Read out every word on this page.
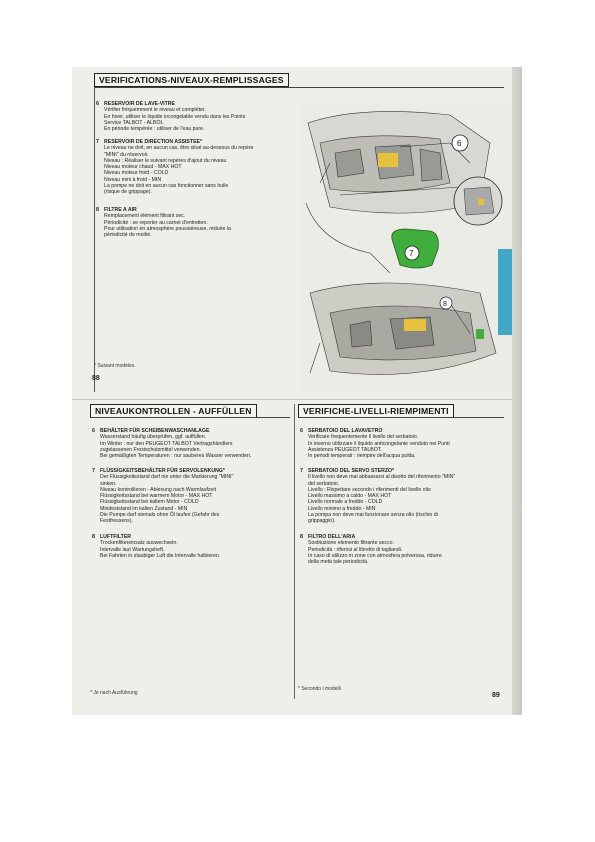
VERIFICATIONS-NIVEAUX-REMPLISSAGES
6 RESERVOIR DE LAVE-VITRE
Vérifier fréquemment le niveau et compléter.
En hiver, utiliser le liquide incongelable vendu dans les Points
Service TALBOT - ALBOL
En période tempérée : utiliser de l'eau pure.
7 RESERVOIR DE DIRECTION ASSISTEE*
Le niveau ne doit, en aucun cas, être situé au-dessous du repère
"MINI" du réservoir.
Niveau : Réaliser le suivant repères d'ajout du niveau
Niveau moteur chaud - MAX HOT
Niveau moteur froid - COLD
Niveau mini à froid - MIN
La pompe ne doit en aucun cas fonctionner sans huile
(risque de grippage).
8 FILTRE A AIR
Remplacement élément filtrant sec.
Périodicité : se reporter au carnet d'entretien.
Pour utilisation en atmosphère poussiéreuse, réduire la
périodicité de moitié.
* Suivant modèles.
88
6
7
8
NIVEAUKONTROLLEN - AUFFÜLLEN
6 BEHÄLTER FÜR SCHEIBENWASCHANLAGE
Wasserstand häufig überprüfen, ggf. auffüllen.
Im Winter : nur den PEUGEOT TALBOT Vertragshändlers
zugelassenen Frostschutzmittel verwenden.
Bei gemäßigten Temperaturen : nur sauberes Wasser verwenden.
7 FLÜSSIGKEITSBEHÄLTER FÜR SERVOLENKUNG*
Der Flüssigkeitsstand darf nie unter die Markierung "MINI"
sinken.
Niveau kontrollieren - Ablesung nach Warmlaufzeit
Flüssigkeitsstand bei warmem Motor - MAX HOT
Flüssigkeitsstand bei kaltem Motor - COLD
Mindeststand im kalten Zustand - MIN
Die Pumpe darf niemals ohne Öl laufen (Gefahr des
Festfressens).
8 LUFTFILTER
Trockenfiltereinsatz auswechseln.
Intervalle laut Wartungsheft.
Bei Fahrten in staubiger Luft die Intervalle halbieren.
* Je nach Ausführung
VERIFICHE-LIVELLI-RIEMPIMENTI
6 SERBATOIO DEL LAVAVETRO
Verificare frequentemente il livello del serbatoio.
In inverno utilizzare il liquido anticongelante venduto nei Punti
Assistenza PEUGEOT TALBOT.
In periodi temperati : riempire dell'acqua pulita.
7 SERBATOIO DEL SERVO STERZO*
Il livello non deve mai abbassarsi al disotto del riferimento "MIN"
del serbatoio.
Livello : Rispettare secondo i riferimenti del livello olio
Livello massimo a caldo - MAX HOT
Livello normale a freddo - COLD
Livello minimo a freddo - MIN
La pompa non deve mai funzionare senza olio (rischio di
grippaggio).
8 FILTRO DELL'ARIA
Sostituzione elemento filtrante secco.
Periodicità : riferirsi al libretto di tagliandi.
In caso di utilizzo in zone con atmosfera polverosa, ridurre
della metà tale periodicità.
* Secondo i modelli
89
